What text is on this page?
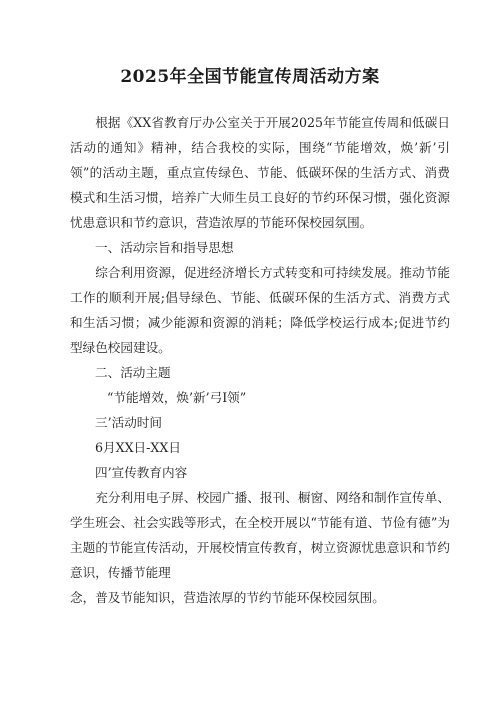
2025年全国节能宣传周活动方案

根据《XX省教育厅办公室关于开展2025年节能宣传周和低碳日活动的通知》精神，结合我校的实际，围绕“节能增效，焕’新’引领”的活动主题，重点宣传绿色、节能、低碳环保的生活方式、消费模式和生活习惯，培养广大师生员工良好的节约环保习惯，强化资源忧患意识和节约意识，营造浓厚的节能环保校园氛围。

一、活动宗旨和指导思想

综合利用资源，促进经济增长方式转变和可持续发展。推动节能工作的顺利开展;倡导绿色、节能、低碳环保的生活方式、消费方式和生活习惯；减少能源和资源的消耗；降低学校运行成本;促进节约型绿色校园建设。

二、活动主题

“节能增效，焕’新’弓I领”

三’活动时间

6月XX日-XX日

四’宣传教育内容

充分利用电子屏、校园广播、报刊、橱窗、网络和制作宣传单、学生班会、社会实践等形式，在全校开展以“节能有道、节俭有德”为主题的节能宣传活动，开展校情宣传教育，树立资源忧患意识和节约意识，传播节能理

念，普及节能知识，营造浓厚的节约节能环保校园氛围。
